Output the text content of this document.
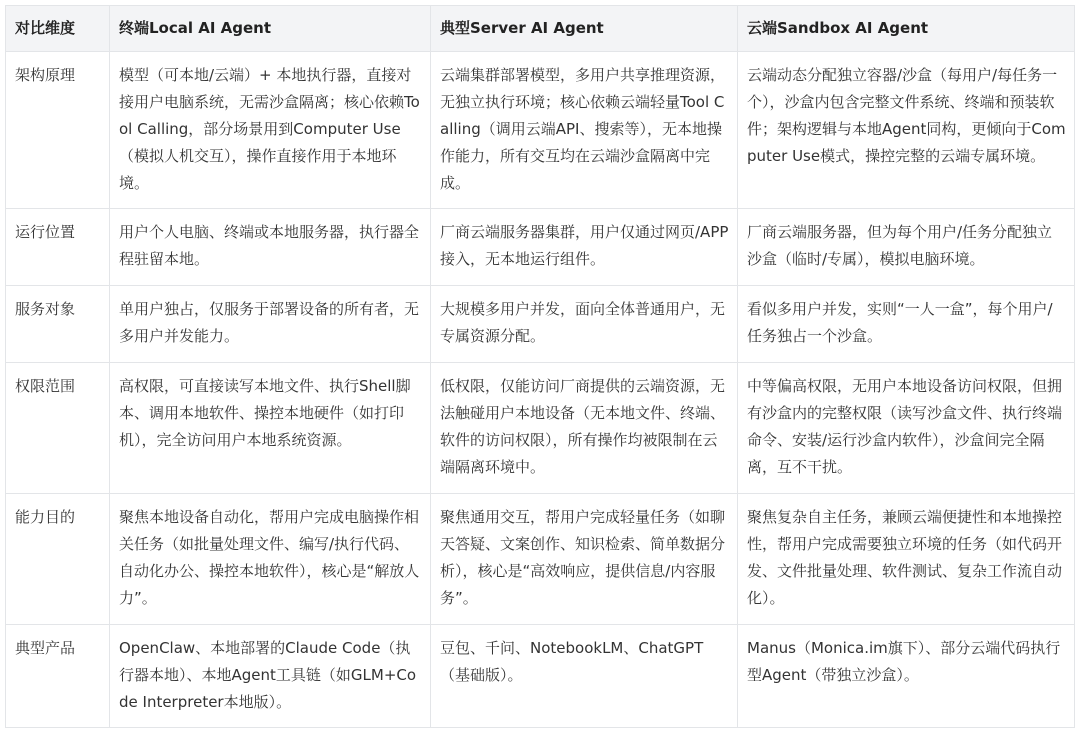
对比维度	终端Local AI Agent	典型Server AI Agent	云端Sandbox AI Agent
架构原理	模型（可本地/云端）+ 本地执行器，直接对接用户电脑系统，无需沙盒隔离；核心依赖Tool Calling，部分场景用到Computer Use（模拟人机交互），操作直接作用于本地环境。	云端集群部署模型，多用户共享推理资源，无独立执行环境；核心依赖云端轻量Tool Calling（调用云端API、搜索等），无本地操作能力，所有交互均在云端沙盒隔离中完成。	云端动态分配独立容器/沙盒（每用户/每任务一个），沙盒内包含完整文件系统、终端和预装软件；架构逻辑与本地Agent同构，更倾向于Computer Use模式，操控完整的云端专属环境。
运行位置	用户个人电脑、终端或本地服务器，执行器全程驻留本地。	厂商云端服务器集群，用户仅通过网页/APP接入，无本地运行组件。	厂商云端服务器，但为每个用户/任务分配独立沙盒（临时/专属），模拟电脑环境。
服务对象	单用户独占，仅服务于部署设备的所有者，无多用户并发能力。	大规模多用户并发，面向全体普通用户，无专属资源分配。	看似多用户并发，实则“一人一盒”，每个用户/任务独占一个沙盒。
权限范围	高权限，可直接读写本地文件、执行Shell脚本、调用本地软件、操控本地硬件（如打印机），完全访问用户本地系统资源。	低权限，仅能访问厂商提供的云端资源，无法触碰用户本地设备（无本地文件、终端、软件的访问权限），所有操作均被限制在云端隔离环境中。	中等偏高权限，无用户本地设备访问权限，但拥有沙盒内的完整权限（读写沙盒文件、执行终端命令、安装/运行沙盒内软件），沙盒间完全隔离，互不干扰。
能力目的	聚焦本地设备自动化，帮用户完成电脑操作相关任务（如批量处理文件、编写/执行代码、自动化办公、操控本地软件），核心是“解放人力”。	聚焦通用交互，帮用户完成轻量任务（如聊天答疑、文案创作、知识检索、简单数据分析），核心是“高效响应，提供信息/内容服务”。	聚焦复杂自主任务，兼顾云端便捷性和本地操控性，帮用户完成需要独立环境的任务（如代码开发、文件批量处理、软件测试、复杂工作流自动化）。
典型产品	OpenClaw、本地部署的Claude Code（执行器本地）、本地Agent工具链（如GLM+Code Interpreter本地版）。	豆包、千问、NotebookLM、ChatGPT（基础版）。	Manus（Monica.im旗下）、部分云端代码执行型Agent（带独立沙盒）。
